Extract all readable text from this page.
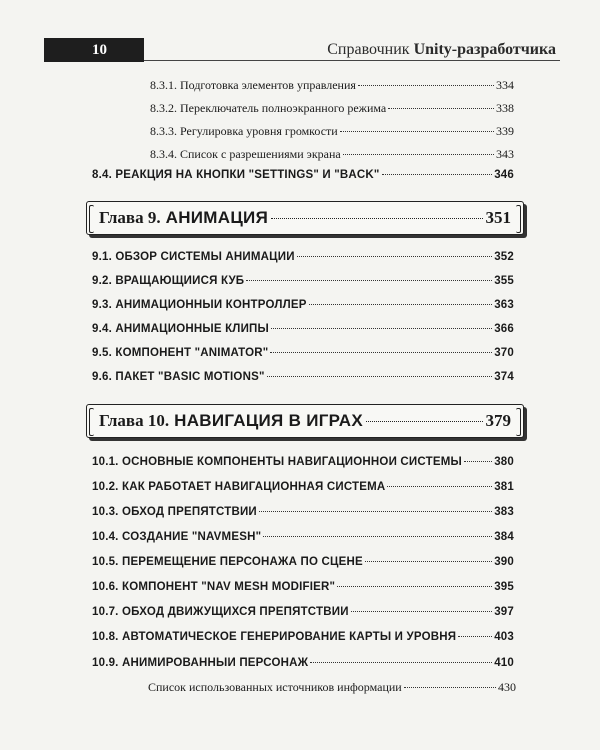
10	Справочник Unity-разработчика
8.3.1. Подготовка элементов управления	334
8.3.2. Переключатель полноэкранного режима	338
8.3.3. Регулировка уровня громкости	339
8.3.4. Список с разрешениями экрана	343
8.4. РЕАКЦИЯ НА КНОПКИ "SETTINGS" И "BACK"	346
Глава 9. АНИМАЦИЯ	351
9.1. ОБЗОР СИСТЕМЫ АНИМАЦИИ	352
9.2. ВРАЩАЮЩИЙСЯ КУБ	355
9.3. АНИМАЦИОННЫЙ КОНТРОЛЛЕР	363
9.4. АНИМАЦИОННЫЕ КЛИПЫ	366
9.5. КОМПОНЕНТ "ANIMATOR"	370
9.6. ПАКЕТ "BASIC MOTIONS"	374
Глава 10. НАВИГАЦИЯ В ИГРАХ	379
10.1. ОСНОВНЫЕ КОМПОНЕНТЫ НАВИГАЦИОННОЙ СИСТЕМЫ	380
10.2. КАК РАБОТАЕТ НАВИГАЦИОННАЯ СИСТЕМА	381
10.3. ОБХОД ПРЕПЯТСТВИЙ	383
10.4. СОЗДАНИЕ "NAVMESH"	384
10.5. ПЕРЕМЕЩЕНИЕ ПЕРСОНАЖА ПО СЦЕНЕ	390
10.6. КОМПОНЕНТ "NAV MESH MODIFIER"	395
10.7. ОБХОД ДВИЖУЩИХСЯ ПРЕПЯТСТВИЙ	397
10.8. АВТОМАТИЧЕСКОЕ ГЕНЕРИРОВАНИЕ КАРТЫ И УРОВНЯ	403
10.9. АНИМИРОВАННЫЙ ПЕРСОНАЖ	410
Список использованных источников информации	430
